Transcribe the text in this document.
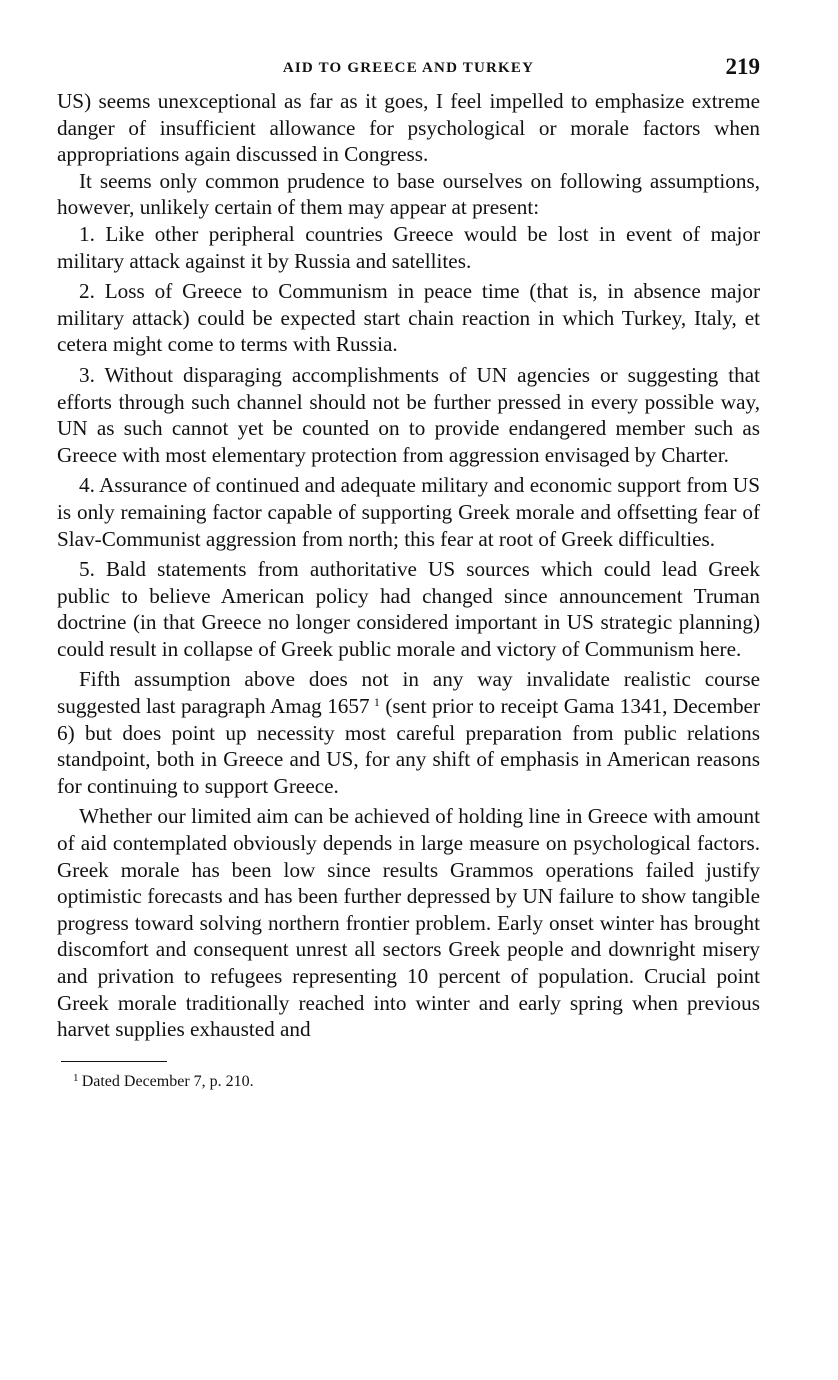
AID TO GREECE AND TURKEY	219

US) seems unexceptional as far as it goes, I feel impelled to emphasize extreme danger of insufficient allowance for psychological or morale factors when appropriations again discussed in Congress.

It seems only common prudence to base ourselves on following assumptions, however, unlikely certain of them may appear at present:

1. Like other peripheral countries Greece would be lost in event of major military attack against it by Russia and satellites.

2. Loss of Greece to Communism in peace time (that is, in absence major military attack) could be expected start chain reaction in which Turkey, Italy, et cetera might come to terms with Russia.

3. Without disparaging accomplishments of UN agencies or suggesting that efforts through such channel should not be further pressed in every possible way, UN as such cannot yet be counted on to provide endangered member such as Greece with most elementary protection from aggression envisaged by Charter.

4. Assurance of continued and adequate military and economic support from US is only remaining factor capable of supporting Greek morale and offsetting fear of Slav-Communist aggression from north; this fear at root of Greek difficulties.

5. Bald statements from authoritative US sources which could lead Greek public to believe American policy had changed since announcement Truman doctrine (in that Greece no longer considered important in US strategic planning) could result in collapse of Greek public morale and victory of Communism here.

Fifth assumption above does not in any way invalidate realistic course suggested last paragraph Amag 1657  $^1$ (sent prior to receipt Gama 1341, December 6) but does point up necessity most careful preparation from public relations standpoint, both in Greece and US, for any shift of emphasis in American reasons for continuing to support Greece.

Whether our limited aim can be achieved of holding line in Greece with amount of aid contemplated obviously depends in large measure on psychological factors. Greek morale has been low since results Grammos operations failed justify optimistic forecasts and has been further depressed by UN failure to show tangible progress toward solving northern frontier problem. Early onset winter has brought discomfort and consequent unrest all sectors Greek people and downright misery and privation to refugees representing 10 percent of population. Crucial point Greek morale traditionally reached into winter and early spring when previous harvet supplies exhausted and

$^1$  Dated December 7, p. 210.
